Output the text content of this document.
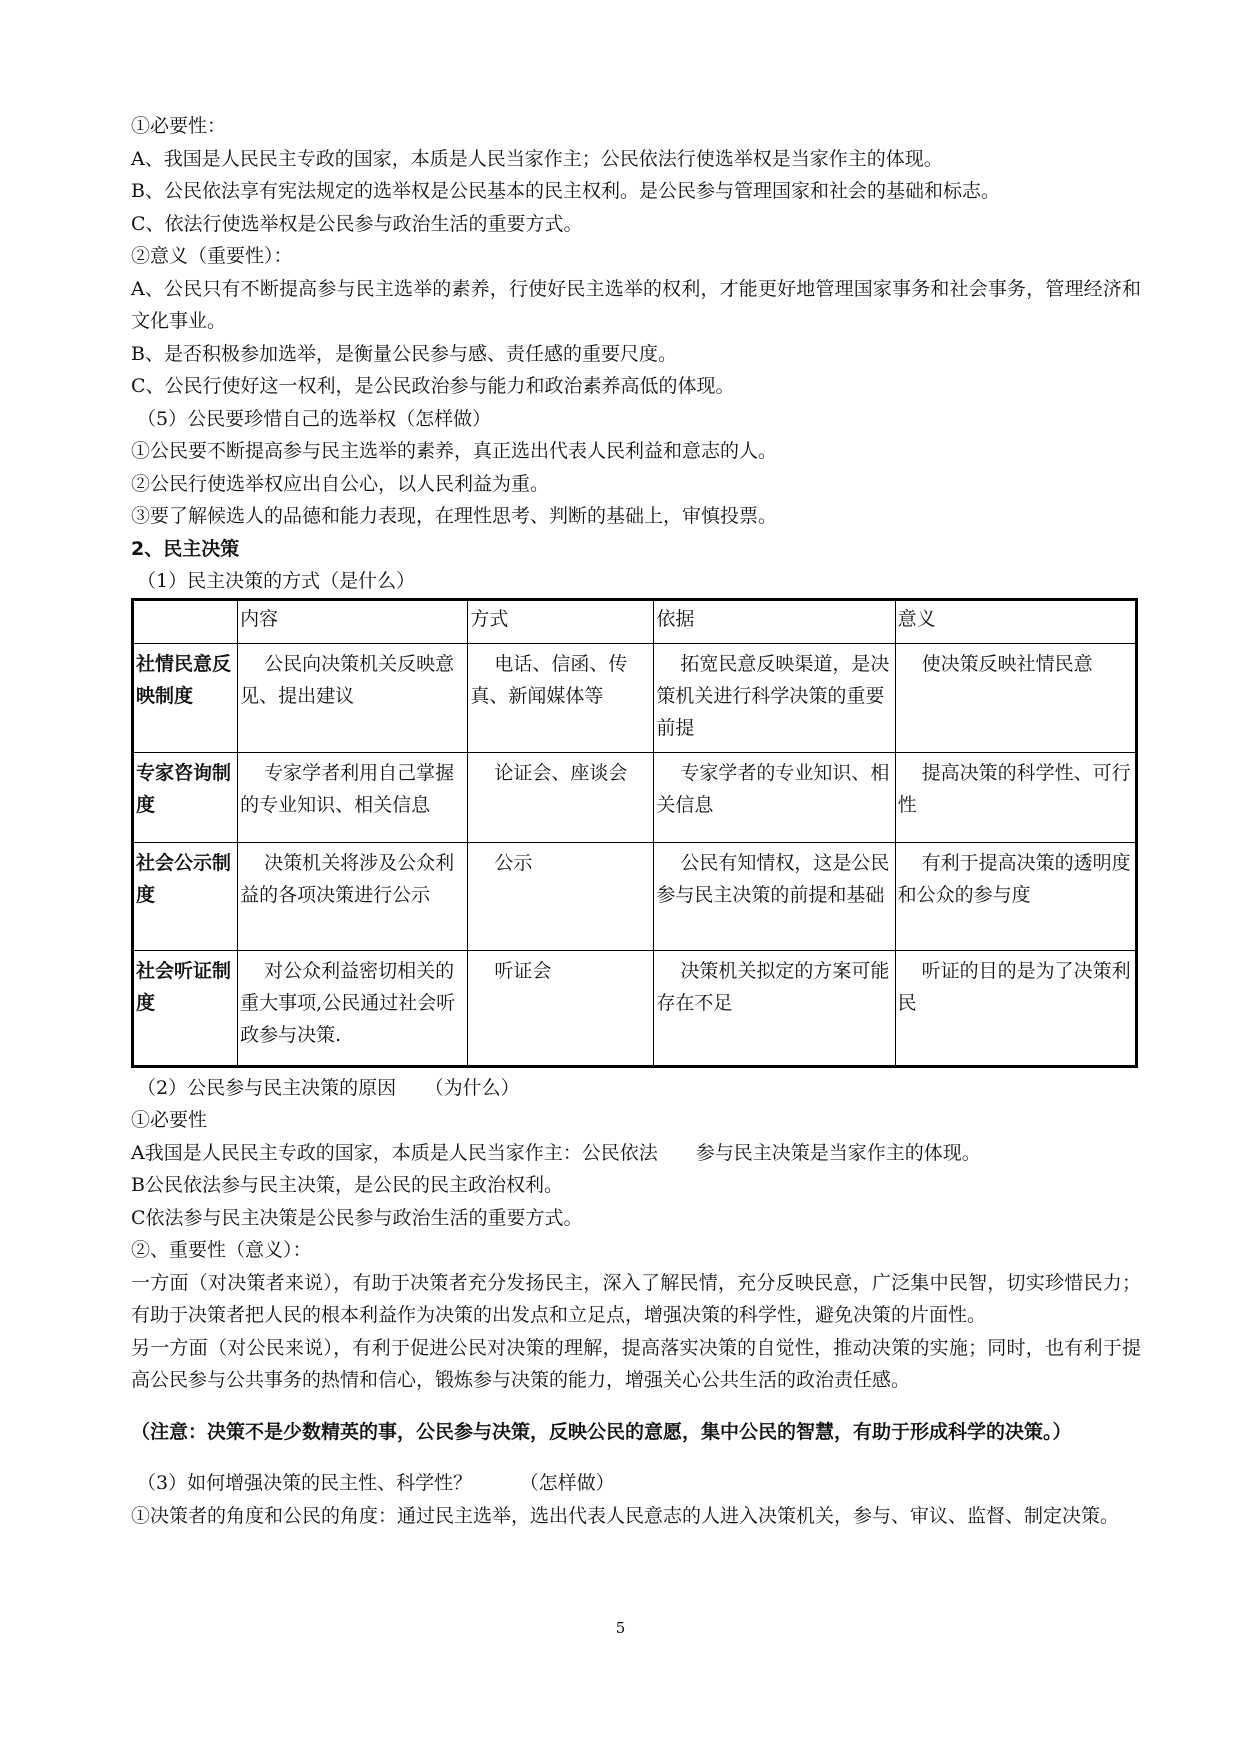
①必要性：

A、我国是人民民主专政的国家，本质是人民当家作主；公民依法行使选举权是当家作主的体现。

B、公民依法享有宪法规定的选举权是公民基本的民主权利。是公民参与管理国家和社会的基础和标志。

C、依法行使选举权是公民参与政治生活的重要方式。

②意义（重要性）：

A、公民只有不断提高参与民主选举的素养，行使好民主选举的权利，才能更好地管理国家事务和社会事务，管理经济和文化事业。

B、是否积极参加选举，是衡量公民参与感、责任感的重要尺度。

C、公民行使好这一权利，是公民政治参与能力和政治素养高低的体现。

（5）公民要珍惜自己的选举权（怎样做）

①公民要不断提高参与民主选举的素养，真正选出代表人民利益和意志的人。

②公民行使选举权应出自公心，以人民利益为重。

③要了解候选人的品德和能力表现，在理性思考、判断的基础上，审慎投票。

2、民主决策

（1）民主决策的方式（是什么）

	内容	方式	依据	意义
社情民意反映制度	公民向决策机关反映意见、提出建议	电话、信函、传真、新闻媒体等	拓宽民意反映渠道，是决策机关进行科学决策的重要前提	使决策反映社情民意
专家咨询制度	专家学者利用自己掌握的专业知识、相关信息	论证会、座谈会	专家学者的专业知识、相关信息	提高决策的科学性、可行性
社会公示制度	决策机关将涉及公众利益的各项决策进行公示	公示	公民有知情权，这是公民参与民主决策的前提和基础	有利于提高决策的透明度和公众的参与度
社会听证制度	对公众利益密切相关的重大事项,公民通过社会听政参与决策.	听证会	决策机关拟定的方案可能存在不足	听证的目的是为了决策利民

（2）公民参与民主决策的原因　　（为什么）

①必要性

A我国是人民民主专政的国家，本质是人民当家作主：公民依法　　参与民主决策是当家作主的体现。

B公民依法参与民主决策，是公民的民主政治权利。

C依法参与民主决策是公民参与政治生活的重要方式。

②、重要性（意义）：

一方面（对决策者来说），有助于决策者充分发扬民主，深入了解民情，充分反映民意，广泛集中民智，切实珍惜民力；有助于决策者把人民的根本利益作为决策的出发点和立足点，增强决策的科学性，避免决策的片面性。

另一方面（对公民来说），有利于促进公民对决策的理解，提高落实决策的自觉性，推动决策的实施；同时，也有利于提高公民参与公共事务的热情和信心，锻炼参与决策的能力，增强关心公共生活的政治责任感。

（注意：决策不是少数精英的事，公民参与决策，反映公民的意愿，集中公民的智慧，有助于形成科学的决策。）

（3）如何增强决策的民主性、科学性？　　　（怎样做）

①决策者的角度和公民的角度：通过民主选举，选出代表人民意志的人进入决策机关，参与、审议、监督、制定决策。

5
